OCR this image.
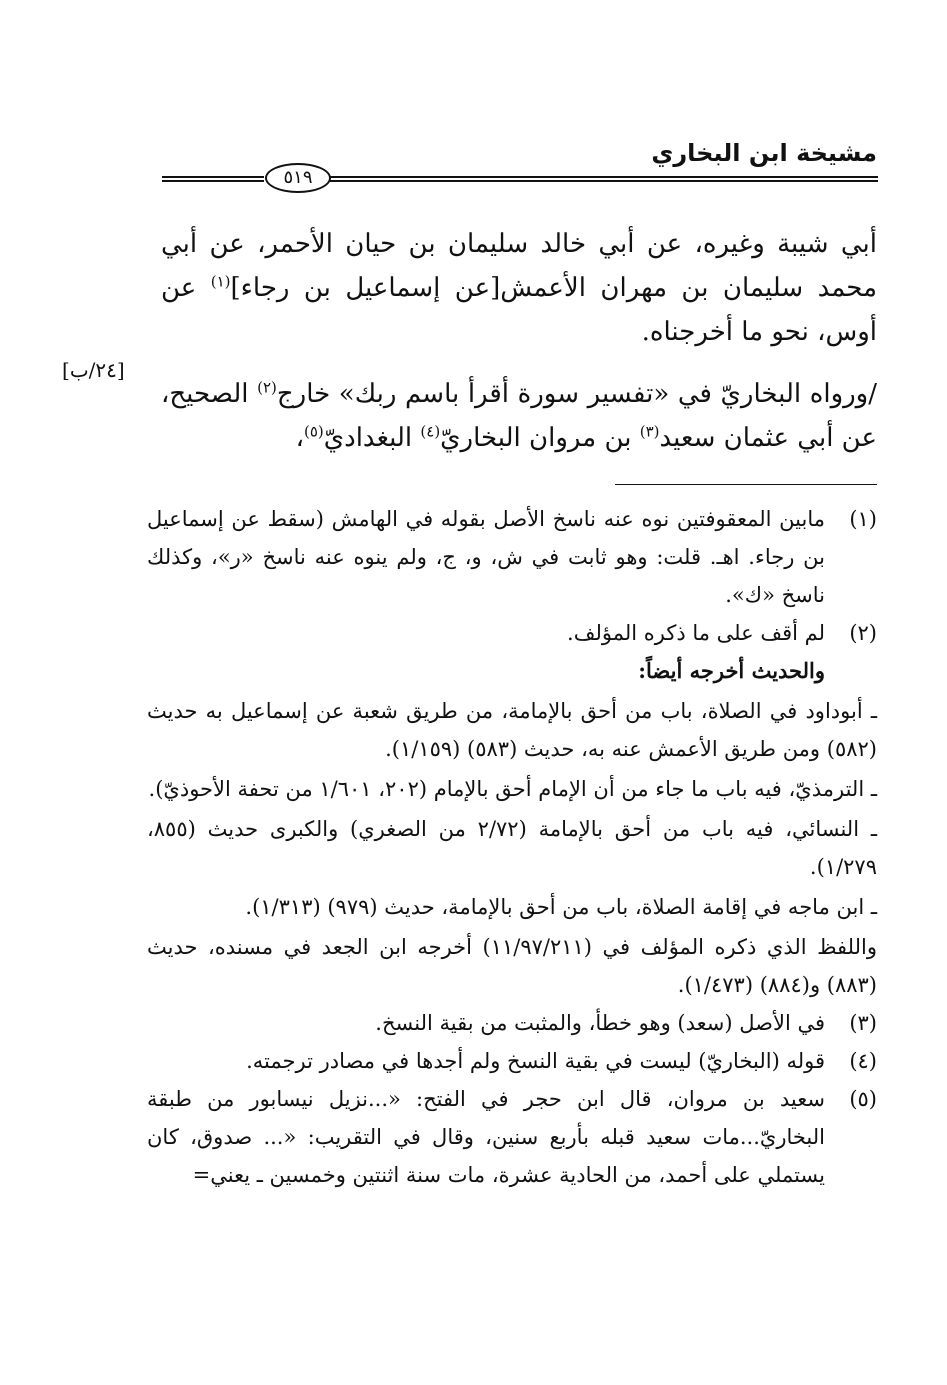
مشيخة ابن البخاري
٥١٩

أبي شيبة وغيره، عن أبي خالد سليمان بن حيان الأحمر، عن أبي محمد سليمان بن مهران الأعمش[عن إسماعيل بن رجاء]$^{(١)}$ عن أوس، نحو ما أخرجناه.

/ورواه البخاريّ في «تفسير سورة أقرأ باسم ربك» خارج$^{(٢)}$ الصحيح، عن أبي عثمان سعيد$^{(٣)}$ بن مروان البخاريّ$^{(٤)}$ البغداديّ$^{(٥)}$،

[٢٤/ب]
(١)
مابين المعقوفتين نوه عنه ناسخ الأصل بقوله في الهامش (سقط عن إسماعيل بن رجاء. اهـ. قلت: وهو ثابت في ش، و، ج، ولم ينوه عنه ناسخ «ر»، وكذلك ناسخ «ك».
(٢)
لم أقف على ما ذكره المؤلف.
والحديث أخرجه أيضاً:
ـ أبوداود في الصلاة، باب من أحق بالإمامة، من طريق شعبة عن إسماعيل به حديث (٥٨٢) ومن طريق الأعمش عنه به، حديث (٥٨٣) (١/١٥٩).
ـ الترمذيّ، فيه باب ما جاء من أن الإمام أحق بالإمام (٢٠٢، ١/٦٠١ من تحفة الأحوذيّ).
ـ النسائي، فيه باب من أحق بالإمامة (٢/٧٢ من الصغري) والكبرى حديث (٨٥٥، ١/٢٧٩).
ـ ابن ماجه في إقامة الصلاة، باب من أحق بالإمامة، حديث (٩٧٩) (١/٣١٣).
واللفظ الذي ذكره المؤلف في (١١/٩٧/٢١١) أخرجه ابن الجعد في مسنده، حديث (٨٨٣) و(٨٨٤) (١/٤٧٣).
(٣)
في الأصل (سعد) وهو خطأ، والمثبت من بقية النسخ.
(٤)
قوله (البخاريّ) ليست في بقية النسخ ولم أجدها في مصادر ترجمته.
(٥)
سعيد بن مروان، قال ابن حجر في الفتح: «...نزيل نيسابور من طبقة البخاريّ...مات سعيد قبله بأربع سنين، وقال في التقريب: «... صدوق، كان يستملي على أحمد، من الحادية عشرة، مات سنة اثنتين وخمسين ـ يعني=
